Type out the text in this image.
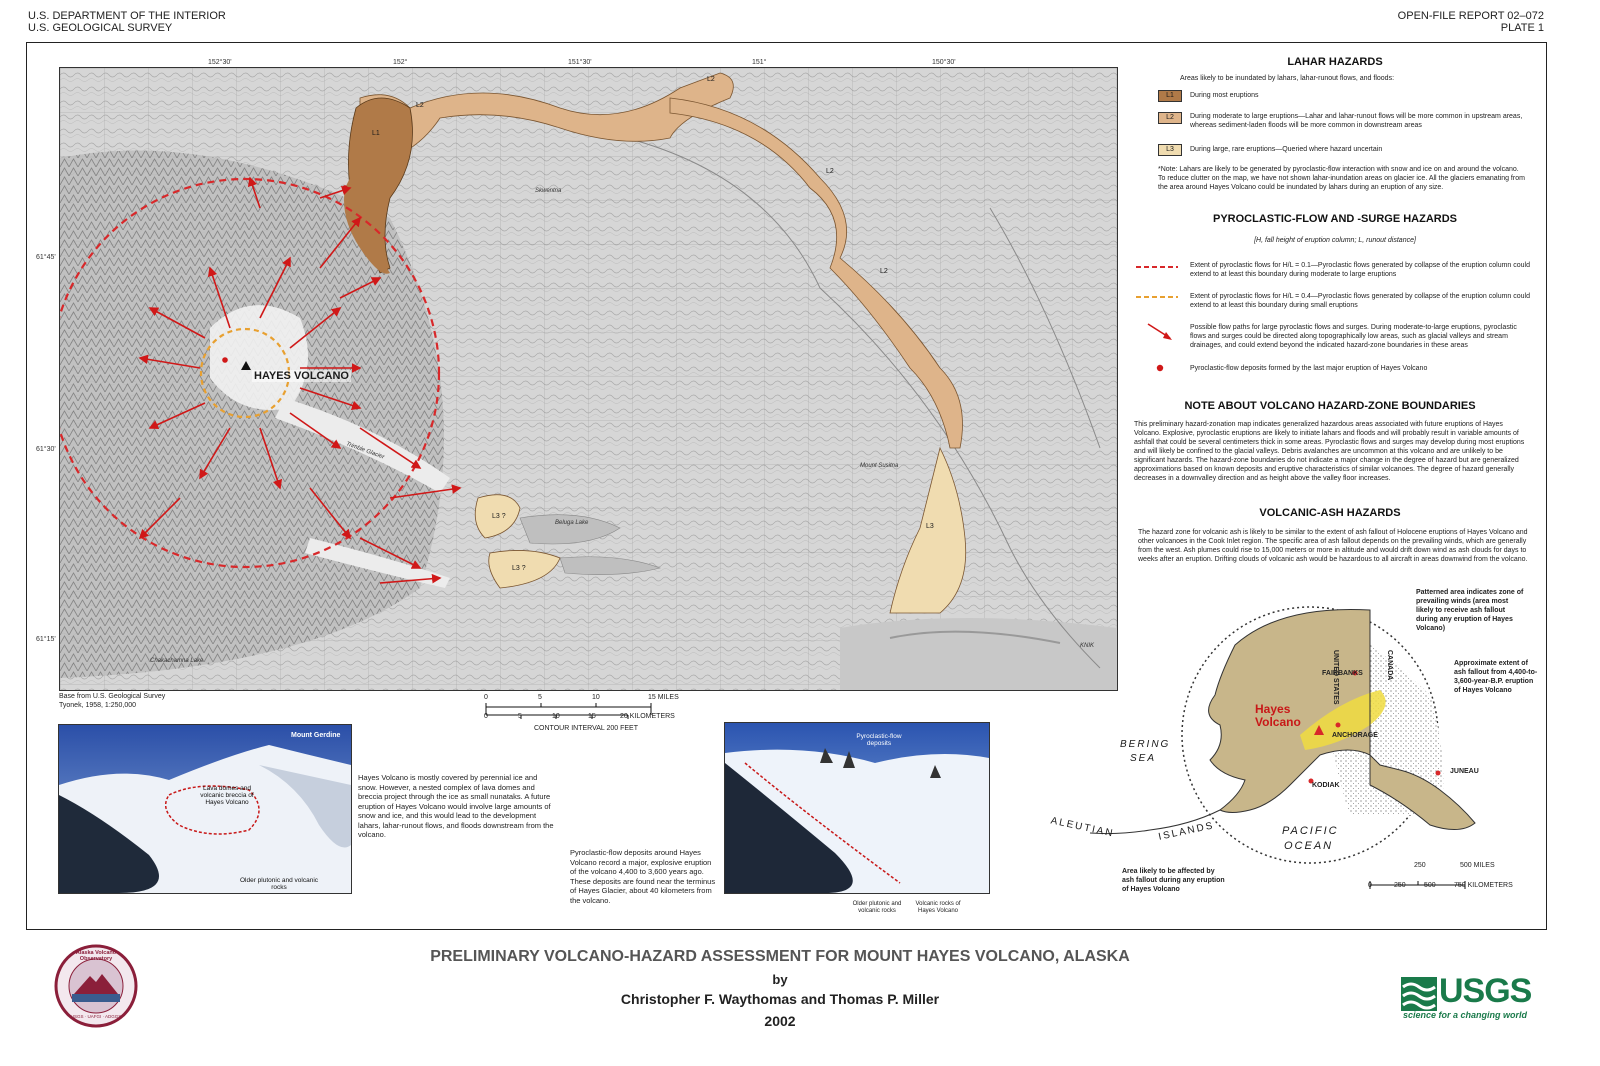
U.S. DEPARTMENT OF THE INTERIOR
U.S. GEOLOGICAL SURVEY
OPEN-FILE REPORT 02–072
PLATE 1
152°30'	152°	151°30'	151°	150°30'
61°45'
61°30'
61°15'
HAYES VOLCANO
L1
L2
L2
L2
L2
L3
L3 ?
L3 ?
Skwentna
Beluga Lake
Chakachamna Lake
Mount Susitna
Trimble Glacier
KNIK
Base from U.S. Geological Survey
Tyonek, 1958, 1:250,000
0	5	10	15 MILES
0	5	10	15	20 KILOMETERS
CONTOUR INTERVAL 200 FEET
LAHAR HAZARDS
Areas likely to be inundated by lahars, lahar-runout flows, and floods:
L1	During most eruptions
L2	During moderate to large eruptions—Lahar and lahar-runout flows will be more common in upstream areas, whereas sediment-laden floods will be more common in downstream areas
L3	During large, rare eruptions—Queried where hazard uncertain
*Note: Lahars are likely to be generated by pyroclastic-flow interaction with snow and ice on and around the volcano. To reduce clutter on the map, we have not shown lahar-inundation areas on glacier ice. All the glaciers emanating from the area around Hayes Volcano could be inundated by lahars during an eruption of any size.
PYROCLASTIC-FLOW AND -SURGE HAZARDS
[H, fall height of eruption column; L, runout distance]
Extent of pyroclastic flows for H/L = 0.1—Pyroclastic flows generated by collapse of the eruption column could extend to at least this boundary during moderate to large eruptions
Extent of pyroclastic flows for H/L = 0.4—Pyroclastic flows generated by collapse of the eruption column could extend to at least this boundary during small eruptions
Possible flow paths for large pyroclastic flows and surges. During moderate-to-large eruptions, pyroclastic flows and surges could be directed along topographically low areas, such as glacial valleys and stream drainages, and could extend beyond the indicated hazard-zone boundaries in these areas
Pyroclastic-flow deposits formed by the last major eruption of Hayes Volcano
NOTE ABOUT VOLCANO HAZARD-ZONE BOUNDARIES
This preliminary hazard-zonation map indicates generalized hazardous areas associated with future eruptions of Hayes Volcano. Explosive, pyroclastic eruptions are likely to initiate lahars and floods and will probably result in variable amounts of ashfall that could be several centimeters thick in some areas. Pyroclastic flows and surges may develop during most eruptions and will likely be confined to the glacial valleys. Debris avalanches are uncommon at this volcano and are unlikely to be significant hazards. The hazard-zone boundaries do not indicate a major change in the degree of hazard but are generalized approximations based on known deposits and eruptive characteristics of similar volcanoes. The degree of hazard generally decreases in a downvalley direction and as height above the valley floor increases.
VOLCANIC-ASH HAZARDS
The hazard zone for volcanic ash is likely to be similar to the extent of ash fallout of Holocene eruptions of Hayes Volcano and other volcanoes in the Cook Inlet region. The specific area of ash fallout depends on the prevailing winds, which are generally from the west. Ash plumes could rise to 15,000 meters or more in altitude and would drift down wind as ash clouds for days to weeks after an eruption. Drifting clouds of volcanic ash would be hazardous to all aircraft in areas downwind from the volcano.
Hayes Volcano
FAIRBANKS
ANCHORAGE
KODIAK
JUNEAU
UNITED STATES	CANADA
BERING
SEA
PACIFIC
OCEAN
ALEUTIAN	ISLANDS
Patterned area indicates zone of prevailing winds (area most likely to receive ash fallout during any eruption of Hayes Volcano)
Approximate extent of ash fallout from 4,400-to-3,600-year-B.P. eruption of Hayes Volcano
Area likely to be affected by ash fallout during any eruption of Hayes Volcano
250	500 MILES
0	250	500	750 KILOMETERS
Mount Gerdine
Lava domes and volcanic breccia of Hayes Volcano
Older plutonic and volcanic rocks
Hayes Volcano is mostly covered by perennial ice and snow. However, a nested complex of lava domes and breccia project through the ice as small nunataks. A future eruption of Hayes Volcano would involve large amounts of snow and ice, and this would lead to the development lahars, lahar-runout flows, and floods downstream from the volcano.
Pyroclastic-flow deposits around Hayes Volcano record a major, explosive eruption of the volcano 4,400 to 3,600 years ago. These deposits are found near the terminus of Hayes Glacier, about 40 kilometers from the volcano.
Pyroclastic-flow deposits
Older plutonic and volcanic rocks
Volcanic rocks of Hayes Volcano
PRELIMINARY VOLCANO-HAZARD ASSESSMENT FOR MOUNT HAYES VOLCANO, ALASKA
by
Christopher F. Waythomas and Thomas P. Miller
2002
Alaska Volcano Observatory
USGS · UAFGI · ADGGS
USGS
science for a changing world
